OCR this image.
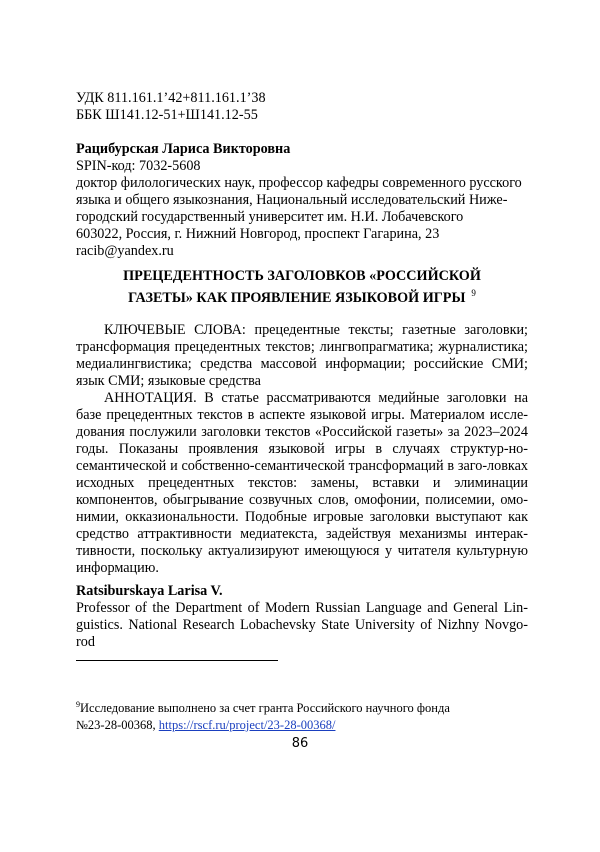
УДК 811.161.1’42+811.161.1’38
ББК Ш141.12-51+Ш141.12-55
Рацибурская Лариса Викторовна
SPIN-код: 7032-5608
доктор филологических наук, профессор кафедры современного русского
языка и общего языкознания, Национальный исследовательский Ниже-
городский государственный университет им. Н.И. Лобачевского
603022, Россия, г. Нижний Новгород, проспект Гагарина, 23
racib@yandex.ru
ПРЕЦЕДЕНТНОСТЬ ЗАГОЛОВКОВ «РОССИЙСКОЙ ГАЗЕТЫ» КАК ПРОЯВЛЕНИЕ ЯЗЫКОВОЙ ИГРЫ $^9$

КЛЮЧЕВЫЕ СЛОВА: прецедентные тексты; газетные заголовки; трансформация прецедентных текстов; лингвопрагматика; журналистика; медиалингвистика; средства массовой информации; российские СМИ; язык СМИ; языковые средства

АННОТАЦИЯ. В статье рассматриваются медийные заголовки на базе прецедентных текстов в аспекте языковой игры. Материалом иссле-дования послужили заголовки текстов «Российской газеты» за 2023–2024 годы. Показаны проявления языковой игры в случаях структур-но-семантической и собственно-семантической трансформаций в заго-ловках исходных прецедентных текстов: замены, вставки и элиминации компонентов, обыгрывание созвучных слов, омофонии, полисемии, омо-нимии, окказиональности. Подобные игровые заголовки выступают как средство аттрактивности медиатекста, задействуя механизмы интерак-тивности, поскольку актуализируют имеющуюся у читателя культурную информацию.

Ratsiburskaya Larisa V.
Professor of the Department of Modern Russian Language and General Lin-guistics. National Research Lobachevsky State University of Nizhny Novgo-rod
$^9$Исследование выполнено за счет гранта Российского научного фонда
№23-28-00368, https://rscf.ru/project/23-28-00368/
86
